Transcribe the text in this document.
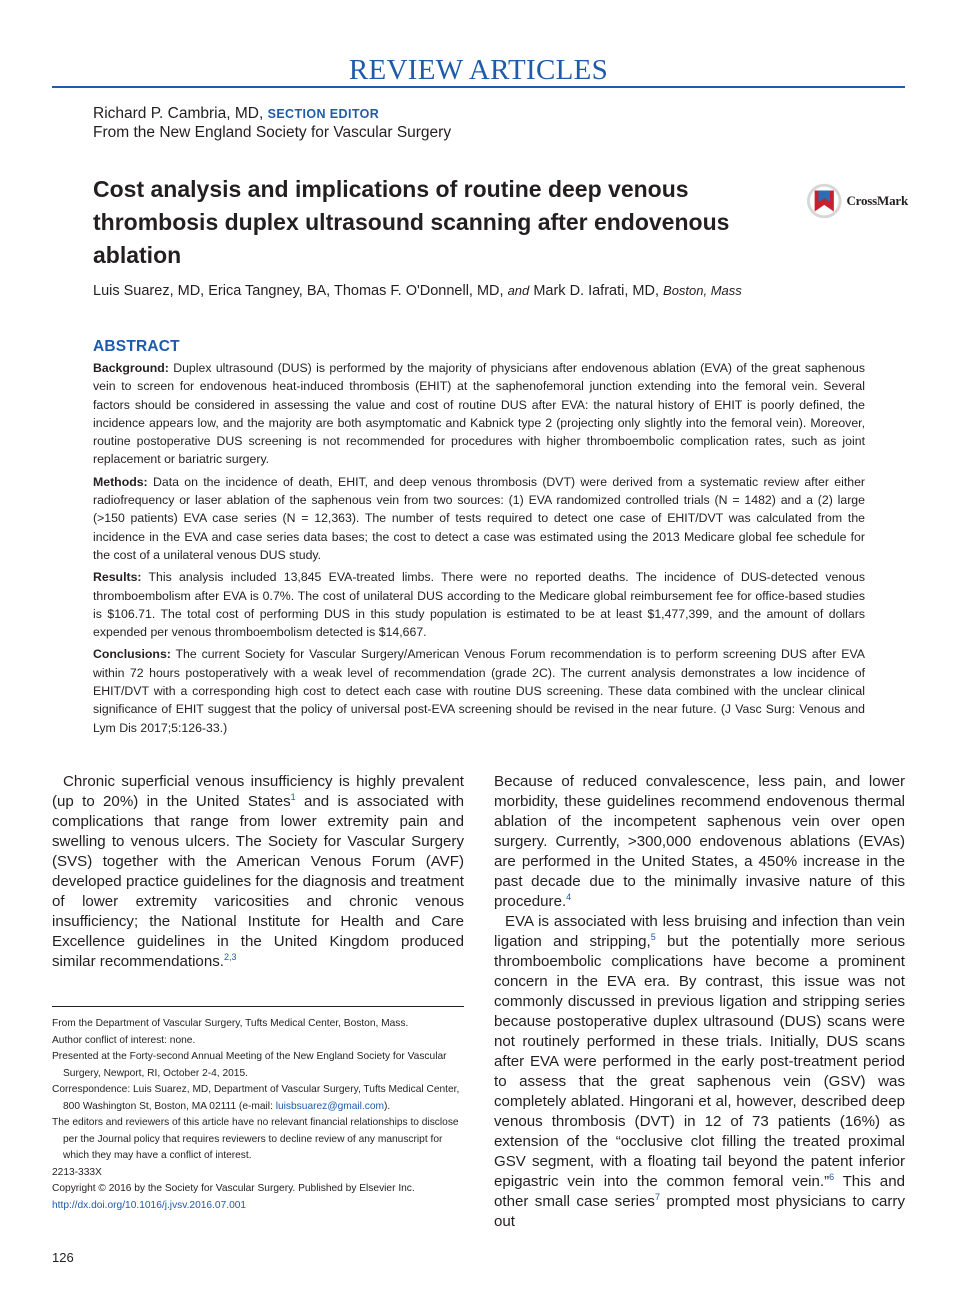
REVIEW ARTICLES
Richard P. Cambria, MD, SECTION EDITOR
From the New England Society for Vascular Surgery
Cost analysis and implications of routine deep venous thrombosis duplex ultrasound scanning after endovenous ablation
CrossMark
Luis Suarez, MD, Erica Tangney, BA, Thomas F. O'Donnell, MD, and Mark D. Iafrati, MD, Boston, Mass
ABSTRACT

Background: Duplex ultrasound (DUS) is performed by the majority of physicians after endovenous ablation (EVA) of the great saphenous vein to screen for endovenous heat-induced thrombosis (EHIT) at the saphenofemoral junction extending into the femoral vein. Several factors should be considered in assessing the value and cost of routine DUS after EVA: the natural history of EHIT is poorly defined, the incidence appears low, and the majority are both asymptomatic and Kabnick type 2 (projecting only slightly into the femoral vein). Moreover, routine postoperative DUS screening is not recommended for procedures with higher thromboembolic complication rates, such as joint replacement or bariatric surgery.

Methods: Data on the incidence of death, EHIT, and deep venous thrombosis (DVT) were derived from a systematic review after either radiofrequency or laser ablation of the saphenous vein from two sources: (1) EVA randomized controlled trials (N = 1482) and a (2) large (>150 patients) EVA case series (N = 12,363). The number of tests required to detect one case of EHIT/DVT was calculated from the incidence in the EVA and case series data bases; the cost to detect a case was estimated using the 2013 Medicare global fee schedule for the cost of a unilateral venous DUS study.

Results: This analysis included 13,845 EVA-treated limbs. There were no reported deaths. The incidence of DUS-detected venous thromboembolism after EVA is 0.7%. The cost of unilateral DUS according to the Medicare global reimbursement fee for office-based studies is $106.71. The total cost of performing DUS in this study population is estimated to be at least $1,477,399, and the amount of dollars expended per venous thromboembolism detected is $14,667.

Conclusions: The current Society for Vascular Surgery/American Venous Forum recommendation is to perform screening DUS after EVA within 72 hours postoperatively with a weak level of recommendation (grade 2C). The current analysis demonstrates a low incidence of EHIT/DVT with a corresponding high cost to detect each case with routine DUS screening. These data combined with the unclear clinical significance of EHIT suggest that the policy of universal post-EVA screening should be revised in the near future. (J Vasc Surg: Venous and Lym Dis 2017;5:126-33.)

Chronic superficial venous insufficiency is highly prevalent (up to 20%) in the United States$^1$ and is associated with complications that range from lower extremity pain and swelling to venous ulcers. The Society for Vascular Surgery (SVS) together with the American Venous Forum (AVF) developed practice guidelines for the diagnosis and treatment of lower extremity varicosities and chronic venous insufficiency; the National Institute for Health and Care Excellence guidelines in the United Kingdom produced similar recommendations.$^{2,3}$

From the Department of Vascular Surgery, Tufts Medical Center, Boston, Mass.

Author conflict of interest: none.

Presented at the Forty-second Annual Meeting of the New England Society for Vascular Surgery, Newport, RI, October 2-4, 2015.

Correspondence: Luis Suarez, MD, Department of Vascular Surgery, Tufts Medical Center, 800 Washington St, Boston, MA 02111 (e-mail: luisbsuarez@gmail.com).

The editors and reviewers of this article have no relevant financial relationships to disclose per the Journal policy that requires reviewers to decline review of any manuscript for which they may have a conflict of interest.

2213-333X

Copyright © 2016 by the Society for Vascular Surgery. Published by Elsevier Inc.

http://dx.doi.org/10.1016/j.jvsv.2016.07.001

Because of reduced convalescence, less pain, and lower morbidity, these guidelines recommend endovenous thermal ablation of the incompetent saphenous vein over open surgery. Currently, >300,000 endovenous ablations (EVAs) are performed in the United States, a 450% increase in the past decade due to the minimally invasive nature of this procedure.$^4$

EVA is associated with less bruising and infection than vein ligation and stripping,$^5$ but the potentially more serious thromboembolic complications have become a prominent concern in the EVA era. By contrast, this issue was not commonly discussed in previous ligation and stripping series because postoperative duplex ultrasound (DUS) scans were not routinely performed in these trials. Initially, DUS scans after EVA were performed in the early post-treatment period to assess that the great saphenous vein (GSV) was completely ablated. Hingorani et al, however, described deep venous thrombosis (DVT) in 12 of 73 patients (16%) as extension of the “occlusive clot filling the treated proximal GSV segment, with a floating tail beyond the patent inferior epigastric vein into the common femoral vein.”$^6$ This and other small case series$^7$ prompted most physicians to carry out

126
